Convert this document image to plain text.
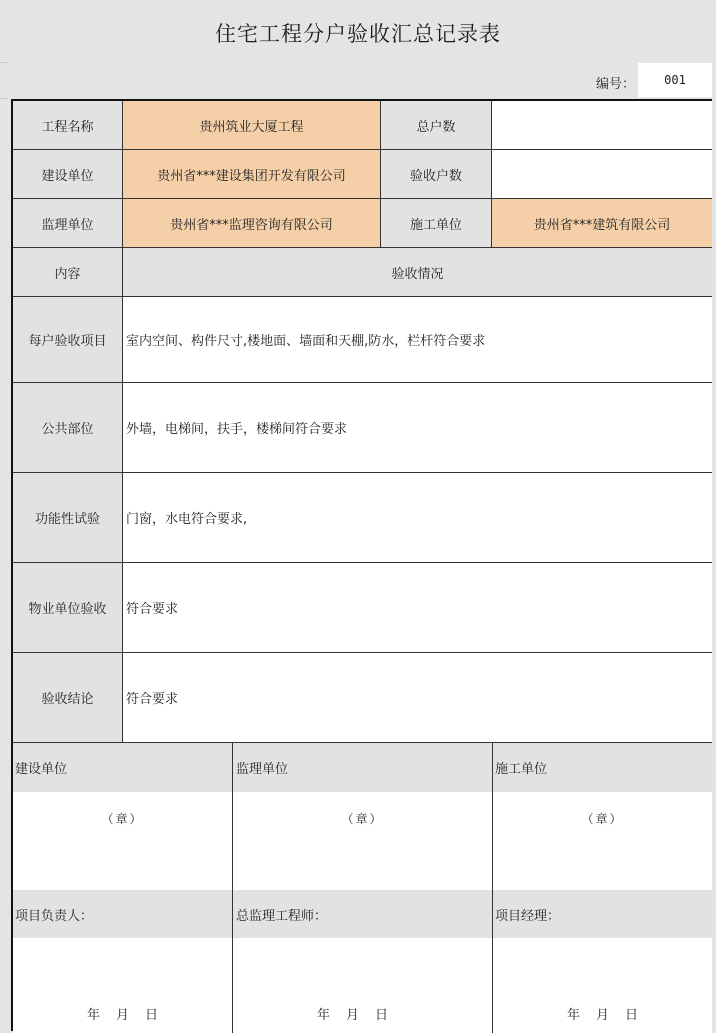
住宅工程分户验收汇总记录表
编号：	001
工程名称	贵州筑业大厦工程	总户数
建设单位	贵州省***建设集团开发有限公司	验收户数
监理单位	贵州省***监理咨询有限公司	施工单位	贵州省***建筑有限公司
内容	验收情况
每户验收项目	室内空间、构件尺寸,楼地面、墙面和天棚,防水，栏杆符合要求
公共部位	外墙，电梯间，扶手，楼梯间符合要求
功能性试验	门窗，水电符合要求,
物业单位验收	符合要求
验收结论	符合要求
建设单位	监理单位	施工单位
（章）	（章）	（章）
项目负责人：	总监理工程师：	项目经理：
年 月 日	年 月 日	年 月 日
